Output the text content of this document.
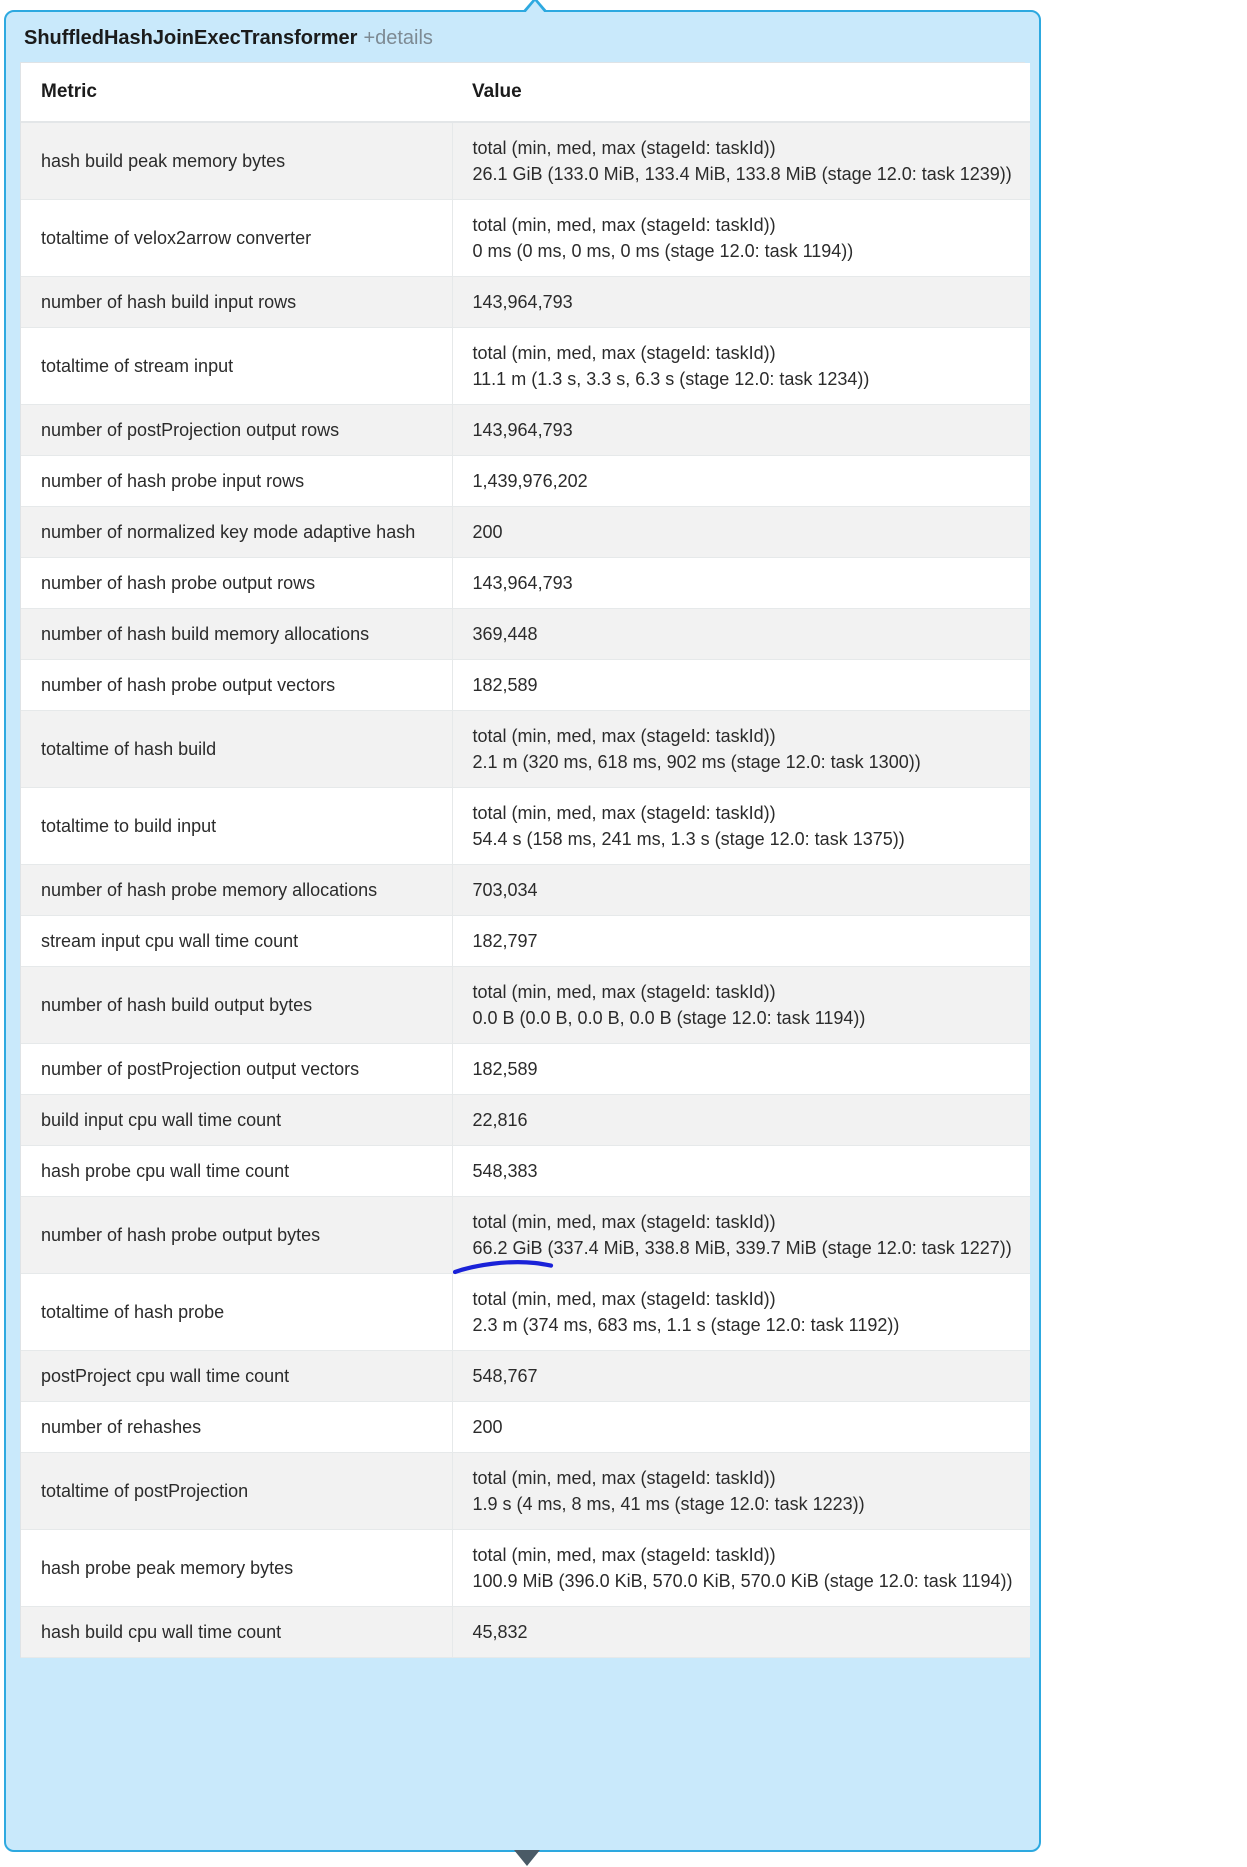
ShuffledHashJoinExecTransformer +details
Metric	Value
hash build peak memory bytes	total (min, med, max (stageId: taskId))
26.1 GiB (133.0 MiB, 133.4 MiB, 133.8 MiB (stage 12.0: task 1239))

totaltime of velox2arrow converter	total (min, med, max (stageId: taskId))
0 ms (0 ms, 0 ms, 0 ms (stage 12.0: task 1194))

number of hash build input rows	143,964,793

totaltime of stream input	total (min, med, max (stageId: taskId))
11.1 m (1.3 s, 3.3 s, 6.3 s (stage 12.0: task 1234))

number of postProjection output rows	143,964,793

number of hash probe input rows	1,439,976,202

number of normalized key mode adaptive hash	200

number of hash probe output rows	143,964,793

number of hash build memory allocations	369,448

number of hash probe output vectors	182,589

totaltime of hash build	total (min, med, max (stageId: taskId))
2.1 m (320 ms, 618 ms, 902 ms (stage 12.0: task 1300))

totaltime to build input	total (min, med, max (stageId: taskId))
54.4 s (158 ms, 241 ms, 1.3 s (stage 12.0: task 1375))

number of hash probe memory allocations	703,034

stream input cpu wall time count	182,797

number of hash build output bytes	total (min, med, max (stageId: taskId))
0.0 B (0.0 B, 0.0 B, 0.0 B (stage 12.0: task 1194))

number of postProjection output vectors	182,589

build input cpu wall time count	22,816

hash probe cpu wall time count	548,383

number of hash probe output bytes	total (min, med, max (stageId: taskId))
66.2 GiB (337.4 MiB, 338.8 MiB, 339.7 MiB (stage 12.0: task 1227))

totaltime of hash probe	total (min, med, max (stageId: taskId))
2.3 m (374 ms, 683 ms, 1.1 s (stage 12.0: task 1192))

postProject cpu wall time count	548,767

number of rehashes	200

totaltime of postProjection	total (min, med, max (stageId: taskId))
1.9 s (4 ms, 8 ms, 41 ms (stage 12.0: task 1223))

hash probe peak memory bytes	total (min, med, max (stageId: taskId))
100.9 MiB (396.0 KiB, 570.0 KiB, 570.0 KiB (stage 12.0: task 1194))

hash build cpu wall time count	45,832
